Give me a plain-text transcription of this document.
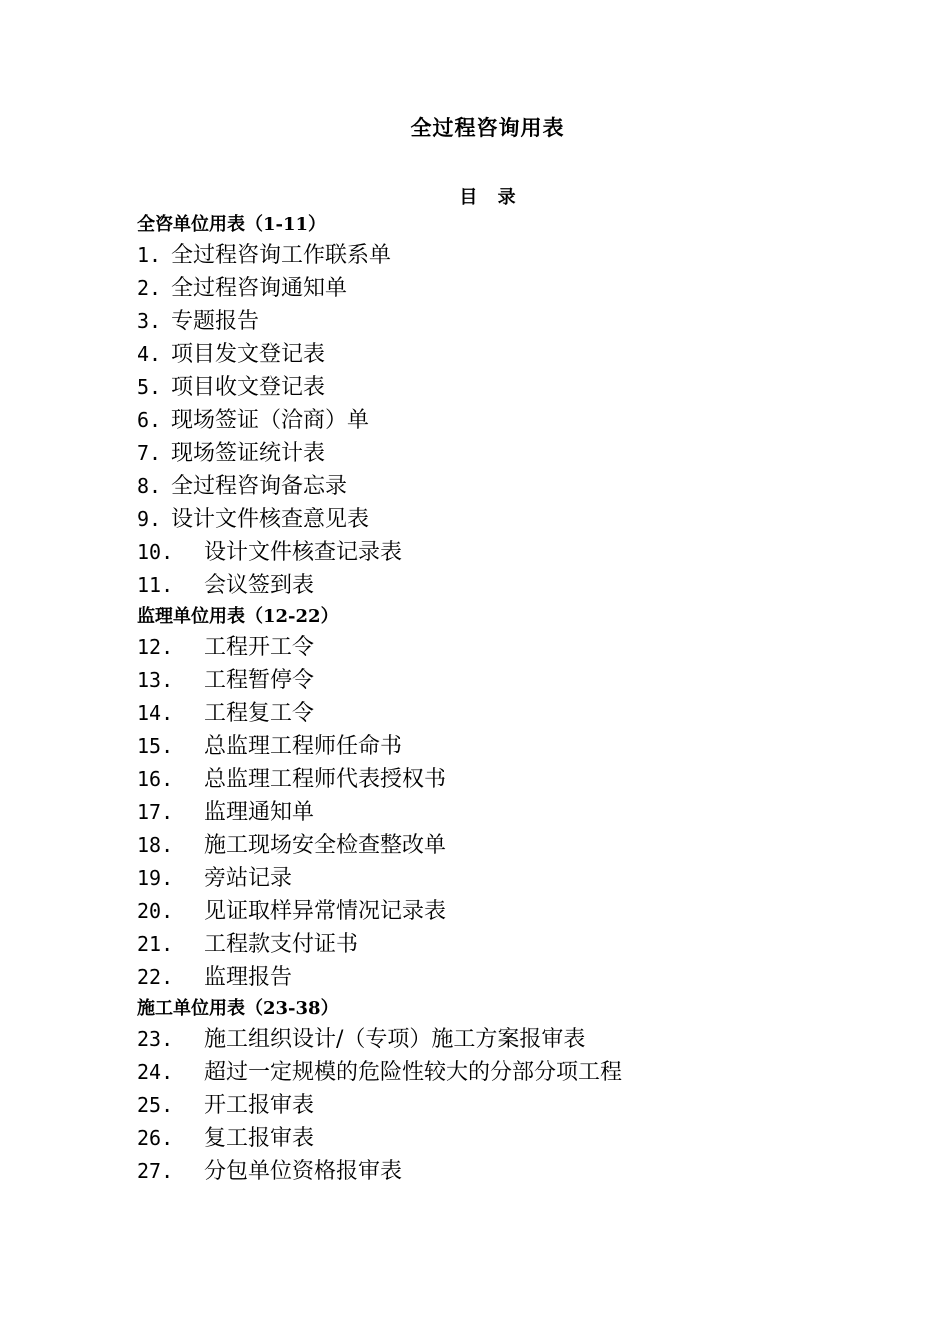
全过程咨询用表
目 录
全咨单位用表（1-11）
1. 全过程咨询工作联系单
2. 全过程咨询通知单
3. 专题报告
4. 项目发文登记表
5. 项目收文登记表
6. 现场签证（洽商）单
7. 现场签证统计表
8. 全过程咨询备忘录
9. 设计文件核查意见表
10. 设计文件核查记录表
11. 会议签到表
监理单位用表（12-22）
12. 工程开工令
13. 工程暂停令
14. 工程复工令
15. 总监理工程师任命书
16. 总监理工程师代表授权书
17. 监理通知单
18. 施工现场安全检查整改单
19. 旁站记录
20. 见证取样异常情况记录表
21. 工程款支付证书
22. 监理报告
施工单位用表（23-38）
23. 施工组织设计/（专项）施工方案报审表
24. 超过一定规模的危险性较大的分部分项工程
25. 开工报审表
26. 复工报审表
27. 分包单位资格报审表
